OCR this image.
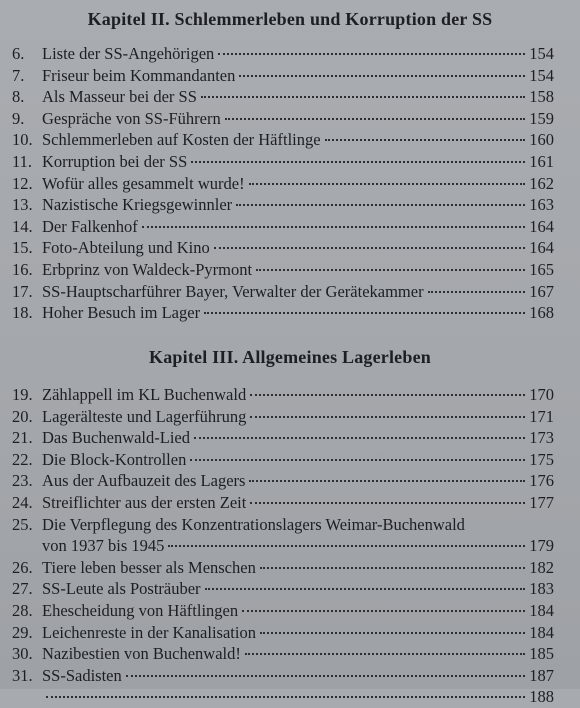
Kapitel II. Schlemmerleben und Korruption der SS
6.	Liste der SS-Angehörigen	154
7.	Friseur beim Kommandanten	154
8.	Als Masseur bei der SS	158
9.	Gespräche von SS-Führern	159
10. Schlemmerleben auf Kosten der Häftlinge	160
11. Korruption bei der SS	161
12. Wofür alles gesammelt wurde!	162
13. Nazistische Kriegsgewinnler	163
14. Der Falkenhof	164
15. Foto-Abteilung und Kino	164
16. Erbprinz von Waldeck-Pyrmont	165
17. SS-Hauptscharführer Bayer, Verwalter der Gerätekammer	167
18. Hoher Besuch im Lager	168
Kapitel III. Allgemeines Lagerleben
19. Zählappell im KL Buchenwald	170
20. Lagerälteste und Lagerführung	171
21. Das Buchenwald-Lied	173
22. Die Block-Kontrollen	175
23. Aus der Aufbauzeit des Lagers	176
24. Streiflichter aus der ersten Zeit	177
25. Die Verpflegung des Konzentrationslagers Weimar-Buchenwald
von 1937 bis 1945	179
26. Tiere leben besser als Menschen	182
27. SS-Leute als Posträuber	183
28. Ehescheidung von Häftlingen	184
29. Leichenreste in der Kanalisation	184
30. Nazibestien von Buchenwald!	185
31. SS-Sadisten	187
188
